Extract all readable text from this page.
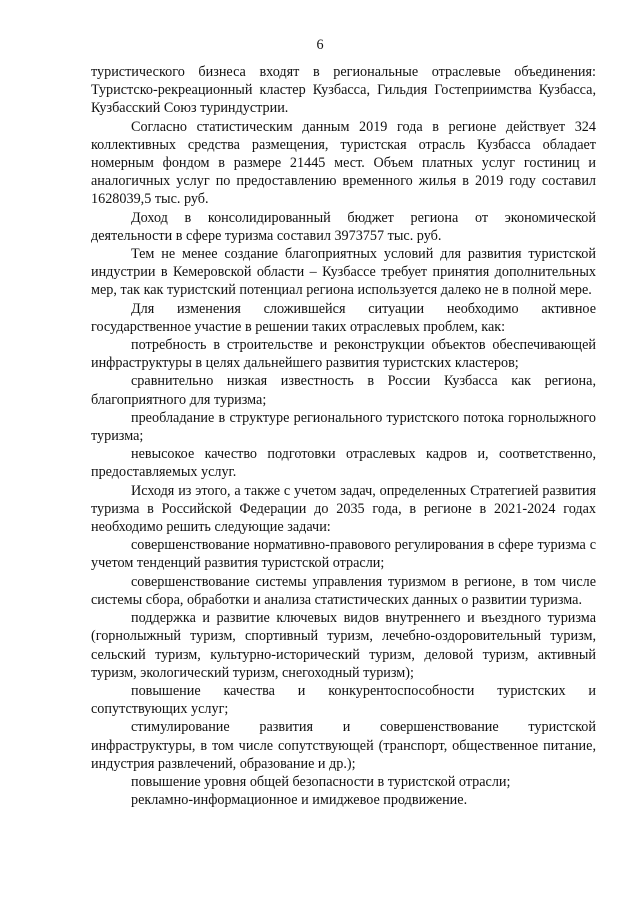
6

туристического бизнеса входят в региональные отраслевые объединения: Туристско-рекреационный кластер Кузбасса, Гильдия Гостеприимства Кузбасса, Кузбасский Союз туриндустрии.

Согласно статистическим данным 2019 года в регионе действует 324 коллективных средства размещения, туристская отрасль Кузбасса обладает номерным фондом в размере 21445 мест. Объем платных услуг гостиниц и аналогичных услуг по предоставлению временного жилья в 2019 году составил 1628039,5 тыс. руб.

Доход в консолидированный бюджет региона от экономической деятельности в сфере туризма составил 3973757 тыс. руб.

Тем не менее создание благоприятных условий для развития туристской индустрии в Кемеровской области – Кузбассе требует принятия дополнительных мер, так как туристский потенциал региона используется далеко не в полной мере.

Для изменения сложившейся ситуации необходимо активное государственное участие в решении таких отраслевых проблем, как:

потребность в строительстве и реконструкции объектов обеспечивающей инфраструктуры в целях дальнейшего развития туристских кластеров;

сравнительно низкая известность в России Кузбасса как региона, благоприятного для туризма;

преобладание в структуре регионального туристского потока горнолыжного туризма;

невысокое качество подготовки отраслевых кадров и, соответственно, предоставляемых услуг.

Исходя из этого, а также с учетом задач, определенных Стратегией развития туризма в Российской Федерации до 2035 года, в регионе в 2021-2024 годах необходимо решить следующие задачи:

совершенствование нормативно-правового регулирования в сфере туризма с учетом тенденций развития туристской отрасли;

совершенствование системы управления туризмом в регионе, в том числе системы сбора, обработки и анализа статистических данных о развитии туризма.

поддержка и развитие ключевых видов внутреннего и въездного туризма (горнолыжный туризм, спортивный туризм, лечебно-оздоровительный туризм, сельский туризм, культурно-исторический туризм, деловой туризм, активный туризм, экологический туризм, снегоходный туризм);

повышение качества и конкурентоспособности туристских и сопутствующих услуг;

стимулирование развития и совершенствование туристской инфраструктуры, в том числе сопутствующей (транспорт, общественное питание, индустрия развлечений, образование и др.);

повышение уровня общей безопасности в туристской отрасли;

рекламно-информационное и имиджевое продвижение.
